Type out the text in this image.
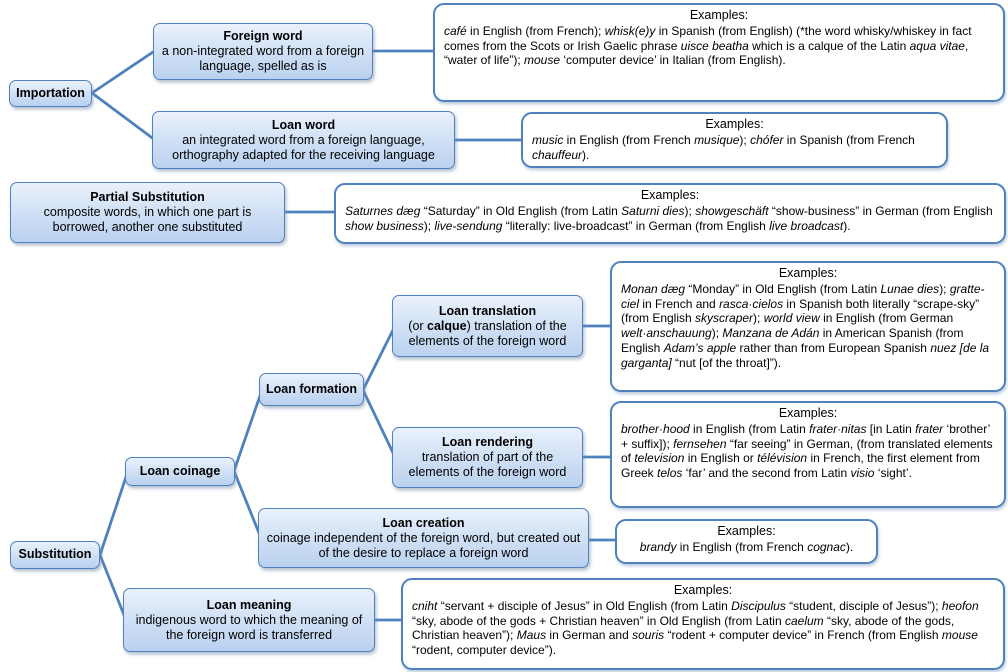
Importation
Foreign word
a non-integrated word from a foreign language, spelled as is
Loan word
an integrated word from a foreign language, orthography adapted for the receiving language
Partial Substitution
composite words, in which one part is borrowed, another one substituted
Loan translation
(or calque) translation of the elements of the foreign word
Loan formation
Loan rendering
translation of part of the elements of the foreign word
Loan coinage
Loan creation
coinage independent of the foreign word, but created out of the desire to replace a foreign word
Substitution
Loan meaning
indigenous word to which the meaning of the foreign word is transferred
Examples:
café in English (from French); whisk(e)y in Spanish (from English) (*the word whisky/whiskey in fact comes from the Scots or Irish Gaelic phrase uisce beatha which is a calque of the Latin aqua vitae, “water of life”); mouse ‘computer device’ in Italian (from English).
Examples:
music in English (from French musique); chófer in Spanish (from French chauffeur).
Examples:
Saturnes dæg “Saturday” in Old English (from Latin Saturni dies); showgeschäft “show-business” in German (from English show business); live-sendung “literally: live-broadcast” in German (from English live broadcast).
Examples:
Monan dæg “Monday” in Old English (from Latin Lunae dies); gratte-ciel in French and rasca·cielos in Spanish both literally “scrape-sky” (from English skyscraper); world view in English (from German welt·anschauung); Manzana de Adán in American Spanish (from English Adam’s apple rather than from European Spanish nuez [de la garganta] “nut [of the throat]”).
Examples:
brother·hood in English (from Latin frater·nitas [in Latin frater ‘brother’ + suffix]); fernsehen “far seeing” in German, (from translated elements of television in English or télévision in French, the first element from Greek telos ‘far’ and the second from Latin visio ‘sight’.
Examples:
brandy in English (from French cognac).
Examples:
cniht “servant + disciple of Jesus” in Old English (from Latin Discipulus “student, disciple of Jesus”); heofon “sky, abode of the gods + Christian heaven” in Old English (from Latin caelum “sky, abode of the gods, Christian heaven”); Maus in German and souris “rodent + computer device” in French (from English mouse “rodent, computer device”).
